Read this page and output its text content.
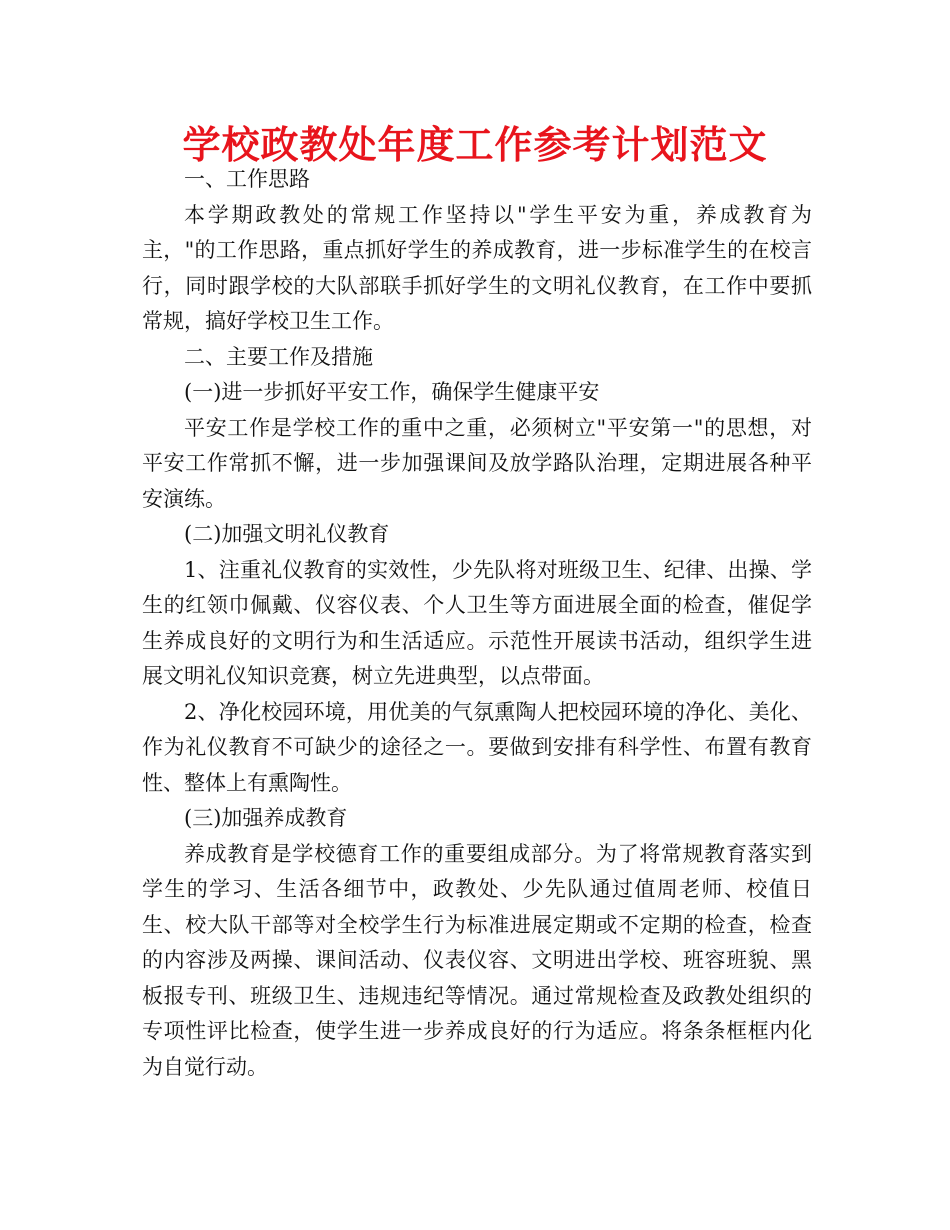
学校政教处年度工作参考计划范文

一、工作思路

本学期政教处的常规工作坚持以"学生平安为重，养成教育为主，"的工作思路，重点抓好学生的养成教育，进一步标准学生的在校言行，同时跟学校的大队部联手抓好学生的文明礼仪教育，在工作中要抓常规，搞好学校卫生工作。

二、主要工作及措施

(一)进一步抓好平安工作，确保学生健康平安

平安工作是学校工作的重中之重，必须树立"平安第一"的思想，对平安工作常抓不懈，进一步加强课间及放学路队治理，定期进展各种平安演练。

(二)加强文明礼仪教育

1、注重礼仪教育的实效性，少先队将对班级卫生、纪律、出操、学生的红领巾佩戴、仪容仪表、个人卫生等方面进展全面的检查，催促学生养成良好的文明行为和生活适应。示范性开展读书活动，组织学生进展文明礼仪知识竞赛，树立先进典型，以点带面。

2、净化校园环境，用优美的气氛熏陶人把校园环境的净化、美化、作为礼仪教育不可缺少的途径之一。要做到安排有科学性、布置有教育性、整体上有熏陶性。

(三)加强养成教育

养成教育是学校德育工作的重要组成部分。为了将常规教育落实到学生的学习、生活各细节中，政教处、少先队通过值周老师、校值日生、校大队干部等对全校学生行为标准进展定期或不定期的检查，检查的内容涉及两操、课间活动、仪表仪容、文明进出学校、班容班貌、黑板报专刊、班级卫生、违规违纪等情况。通过常规检查及政教处组织的专项性评比检查，使学生进一步养成良好的行为适应。将条条框框内化为自觉行动。
